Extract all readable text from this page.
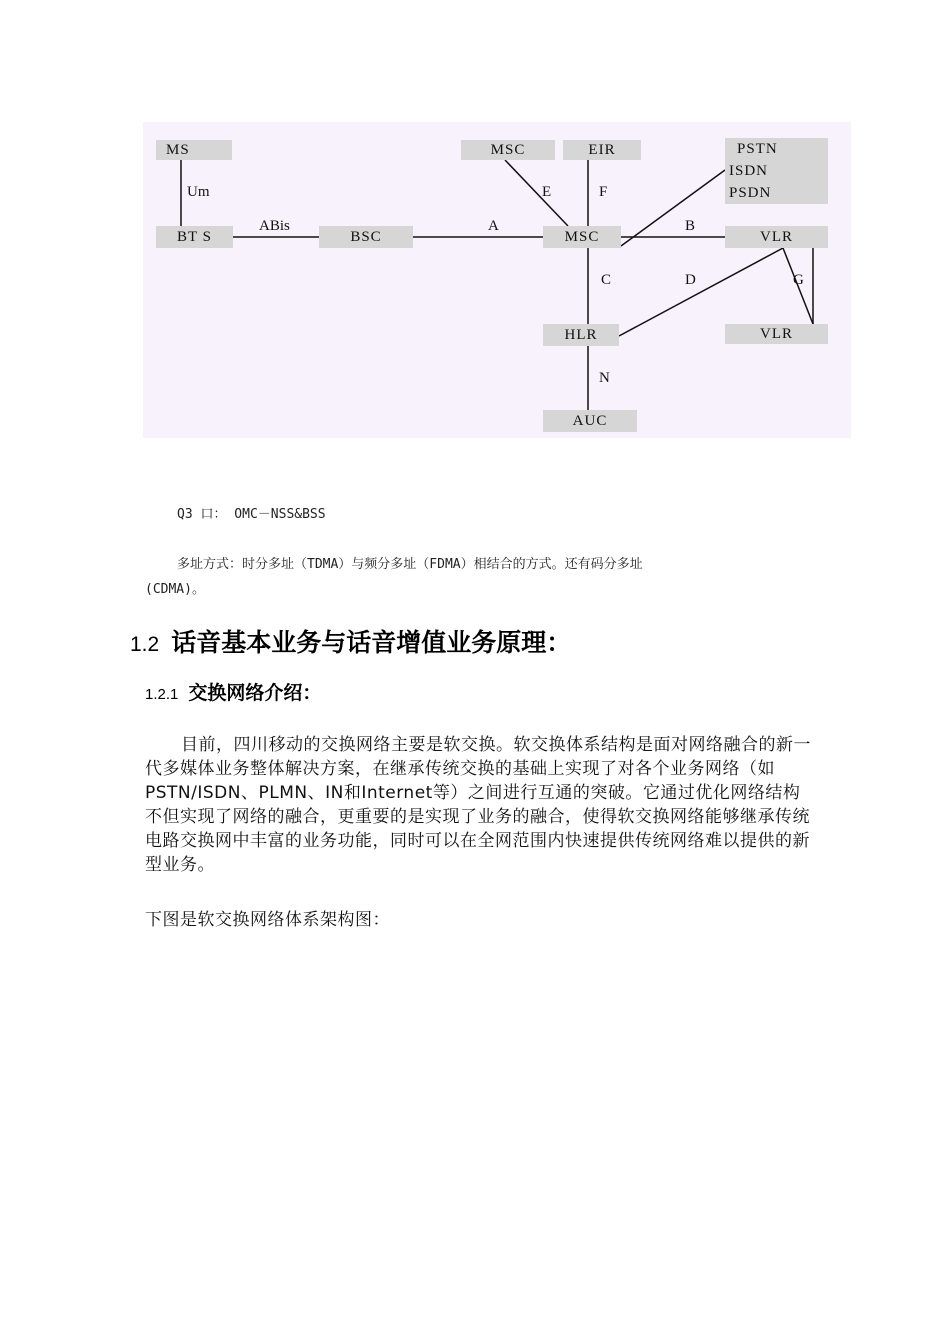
MS
BT S	BSC
MSC	EIR	PSTN
ISDN
PSDN
MSC	VLR
HLR	VLR
AUC
Um
ABis	A
E	F
B
C	D	G
N
Q3 口： OMC－NSS&BSS
多址方式：时分多址（TDMA）与频分多址（FDMA）相结合的方式。还有码分多址
(CDMA)。
1.2 话音基本业务与话音增值业务原理：
1.2.1 交换网络介绍：
目前，四川移动的交换网络主要是软交换。软交换体系结构是面对网络融合的新一代多媒体业务整体解决方案，在继承传统交换的基础上实现了对各个业务网络（如PSTN/ISDN、PLMN、IN和Internet等）之间进行互通的突破。它通过优化网络结构不但实现了网络的融合，更重要的是实现了业务的融合，使得软交换网络能够继承传统电路交换网中丰富的业务功能，同时可以在全网范围内快速提供传统网络难以提供的新型业务。
下图是软交换网络体系架构图：
